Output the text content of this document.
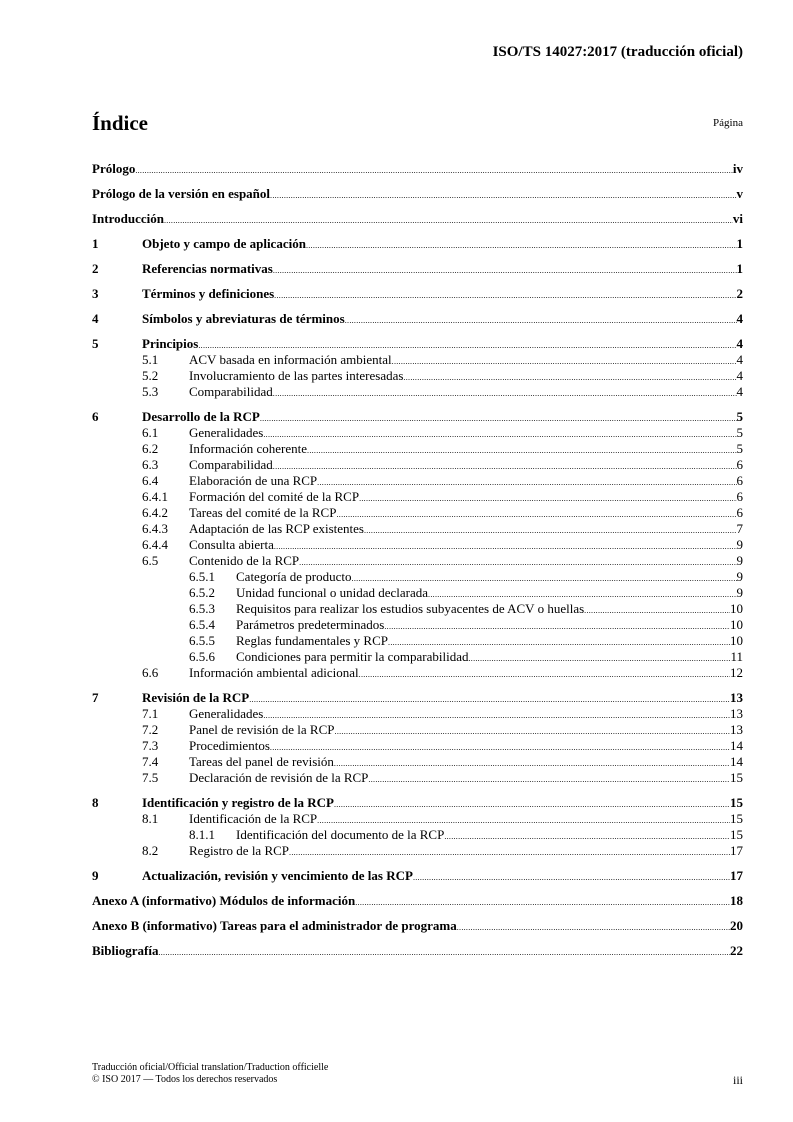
ISO/TS 14027:2017 (traducción oficial)
Índice	Página
Prólogo .....	iv
Prólogo de la versión en español .....	v
Introducción .....	vi
1	Objeto y campo de aplicación .....	1
2	Referencias normativas .....	1
3	Términos y definiciones .....	2
4	Símbolos y abreviaturas de términos .....	4
5	Principios .....	4
5.1	ACV basada en información ambiental .....	4
5.2	Involucramiento de las partes interesadas .....	4
5.3	Comparabilidad .....	4
6	Desarrollo de la RCP .....	5
6.1	Generalidades .....	5
6.2	Información coherente .....	5
6.3	Comparabilidad .....	6
6.4	Elaboración de una RCP .....	6
6.4.1	Formación del comité de la RCP .....	6
6.4.2	Tareas del comité de la RCP .....	6
6.4.3	Adaptación de las RCP existentes .....	7
6.4.4	Consulta abierta .....	9
6.5	Contenido de la RCP .....	9
6.5.1	Categoría de producto .....	9
6.5.2	Unidad funcional o unidad declarada .....	9
6.5.3	Requisitos para realizar los estudios subyacentes de ACV o huellas .....	10
6.5.4	Parámetros predeterminados .....	10
6.5.5	Reglas fundamentales y RCP .....	10
6.5.6	Condiciones para permitir la comparabilidad .....	11
6.6	Información ambiental adicional .....	12
7	Revisión de la RCP .....	13
7.1	Generalidades .....	13
7.2	Panel de revisión de la RCP .....	13
7.3	Procedimientos .....	14
7.4	Tareas del panel de revisión .....	14
7.5	Declaración de revisión de la RCP .....	15
8	Identificación y registro de la RCP .....	15
8.1	Identificación de la RCP .....	15
8.1.1	Identificación del documento de la RCP .....	15
8.2	Registro de la RCP .....	17
9	Actualización, revisión y vencimiento de las RCP .....	17
Anexo A (informativo) Módulos de información .....	18
Anexo B (informativo) Tareas para el administrador de programa .....	20
Bibliografía .....	22
Traducción oficial/Official translation/Traduction officielle
© ISO 2017 — Todos los derechos reservados	iii
